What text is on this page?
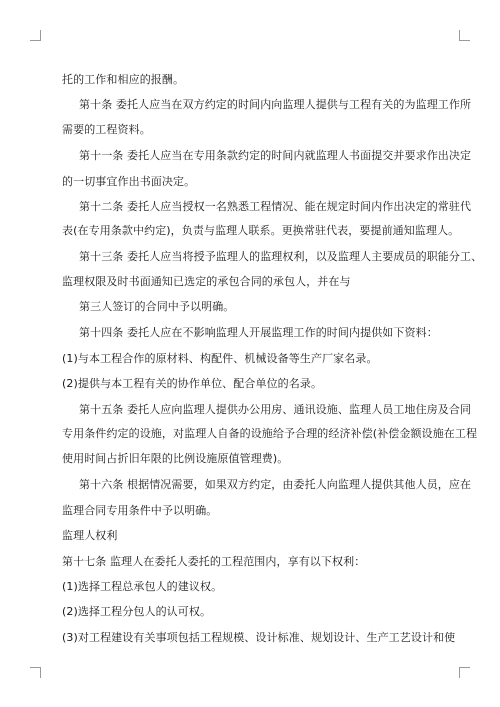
托的工作和相应的报酬。
第十条 委托人应当在双方约定的时间内向监理人提供与工程有关的为监理工作所
需要的工程资料。
第十一条 委托人应当在专用条款约定的时间内就监理人书面提交并要求作出决定
的一切事宜作出书面决定。
第十二条 委托人应当授权一名熟悉工程情况、能在规定时间内作出决定的常驻代
表(在专用条款中约定)，负责与监理人联系。更换常驻代表，要提前通知监理人。
第十三条 委托人应当将授予监理人的监理权利，以及监理人主要成员的职能分工、
监理权限及时书面通知已选定的承包合同的承包人，并在与
第三人签订的合同中予以明确。
第十四条 委托人应在不影响监理人开展监理工作的时间内提供如下资料：
(1)与本工程合作的原材料、构配件、机械设备等生产厂家名录。
(2)提供与本工程有关的协作单位、配合单位的名录。
第十五条 委托人应向监理人提供办公用房、通讯设施、监理人员工地住房及合同
专用条件约定的设施，对监理人自备的设施给予合理的经济补偿(补偿金额设施在工程
使用时间占折旧年限的比例设施原值管理费)。
第十六条 根据情况需要，如果双方约定，由委托人向监理人提供其他人员，应在
监理合同专用条件中予以明确。
监理人权利
第十七条 监理人在委托人委托的工程范围内，享有以下权利：
(1)选择工程总承包人的建议权。
(2)选择工程分包人的认可权。
(3)对工程建设有关事项包括工程规模、设计标准、规划设计、生产工艺设计和使
